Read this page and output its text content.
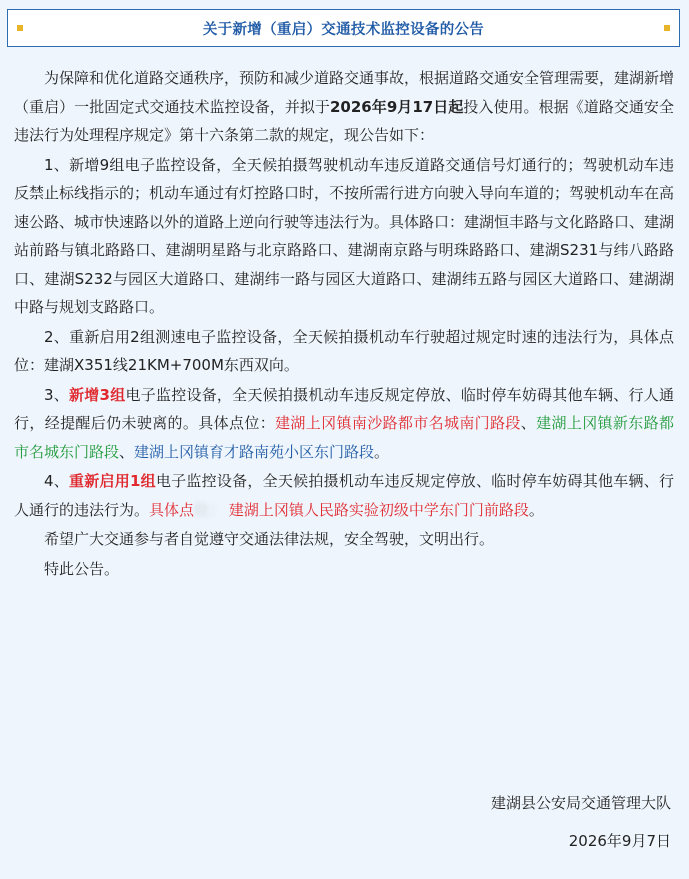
关于新增（重启）交通技术监控设备的公告

为保障和优化道路交通秩序，预防和减少道路交通事故，根据道路交通安全管理需要，建湖新增（重启）一批固定式交通技术监控设备，并拟于2026年9月17日起投入使用。根据《道路交通安全违法行为处理程序规定》第十六条第二款的规定，现公告如下：

1、新增9组电子监控设备，全天候拍摄驾驶机动车违反道路交通信号灯通行的；驾驶机动车违反禁止标线指示的；机动车通过有灯控路口时，不按所需行进方向驶入导向车道的；驾驶机动车在高速公路、城市快速路以外的道路上逆向行驶等违法行为。具体路口：建湖恒丰路与文化路路口、建湖站前路与镇北路路口、建湖明星路与北京路路口、建湖南京路与明珠路路口、建湖S231与纬八路路口、建湖S232与园区大道路口、建湖纬一路与园区大道路口、建湖纬五路与园区大道路口、建湖湖中路与规划支路路口。

2、重新启用2组测速电子监控设备，全天候拍摄机动车行驶超过规定时速的违法行为，具体点位：建湖X351线21KM+700M东西双向。

3、新增3组电子监控设备，全天候拍摄机动车违反规定停放、临时停车妨碍其他车辆、行人通行，经提醒后仍未驶离的。具体点位：建湖上冈镇南沙路都市名城南门路段、建湖上冈镇新东路都市名城东门路段、建湖上冈镇育才路南苑小区东门路段。

4、重新启用1组电子监控设备，全天候拍摄机动车违反规定停放、临时停车妨碍其他车辆、行人通行的违法行为。具体点位： 建湖上冈镇人民路实验初级中学东门门前路段。

希望广大交通参与者自觉遵守交通法律法规，安全驾驶，文明出行。

特此公告。

建湖县公安局交通管理大队
2026年9月7日
